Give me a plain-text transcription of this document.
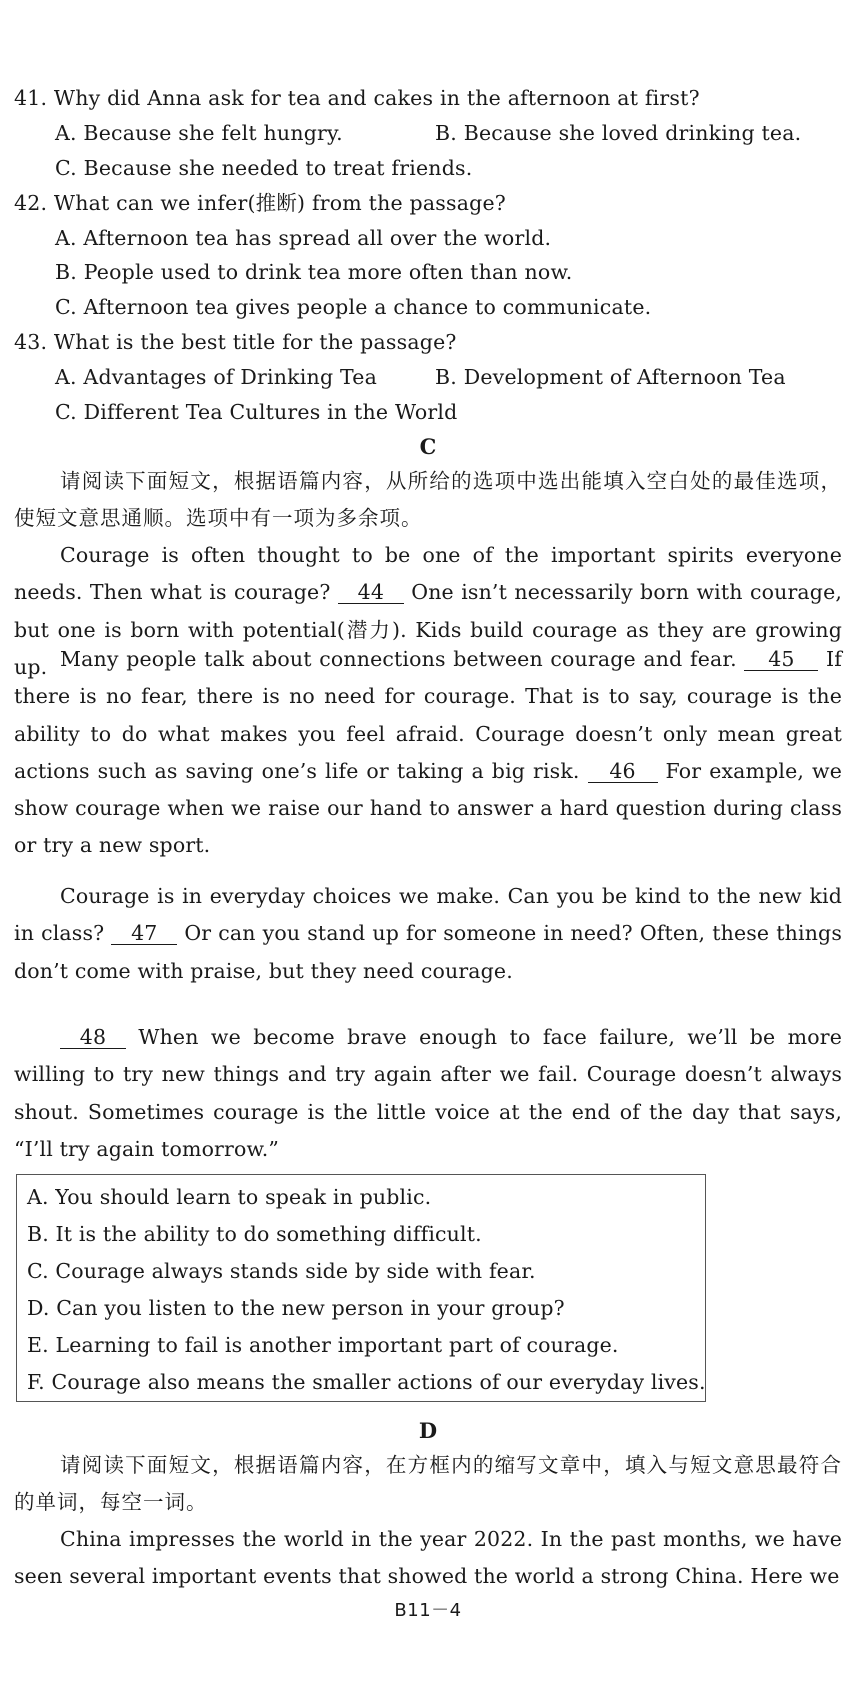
41. Why did Anna ask for tea and cakes in the afternoon at first?
A. Because she felt hungry.	B. Because she loved drinking tea.
C. Because she needed to treat friends.
42. What can we infer(推断) from the passage?
A. Afternoon tea has spread all over the world.
B. People used to drink tea more often than now.
C. Afternoon tea gives people a chance to communicate.
43. What is the best title for the passage?
A. Advantages of Drinking Tea	B. Development of Afternoon Tea
C. Different Tea Cultures in the World
C
请阅读下面短文，根据语篇内容，从所给的选项中选出能填入空白处的最佳选项，使短文意思通顺。选项中有一项为多余项。
Courage is often thought to be one of the important spirits everyone needs. Then what is courage? 44 One isn’t necessarily born with courage, but one is born with potential(潜力). Kids build courage as they are growing up. Many people talk about connections between courage and fear. 45 If there is no fear, there is no need for courage. That is to say, courage is the ability to do what makes you feel afraid. Courage doesn’t only mean great actions such as saving one’s life or taking a big risk. 46 For example, we show courage when we raise our hand to answer a hard question during class or try a new sport.
Courage is in everyday choices we make. Can you be kind to the new kid in class? 47 Or can you stand up for someone in need? Often, these things don’t come with praise, but they need courage.
48 When we become brave enough to face failure, we’ll be more willing to try new things and try again after we fail. Courage doesn’t always shout. Sometimes courage is the little voice at the end of the day that says, “I’ll try again tomorrow.”
A. You should learn to speak in public.
B. It is the ability to do something difficult.
C. Courage always stands side by side with fear.
D. Can you listen to the new person in your group?
E. Learning to fail is another important part of courage.
F. Courage also means the smaller actions of our everyday lives.
D
请阅读下面短文，根据语篇内容，在方框内的缩写文章中，填入与短文意思最符合的单词，每空一词。
China impresses the world in the year 2022. In the past months, we have seen several important events that showed the world a strong China. Here we
B11－4
